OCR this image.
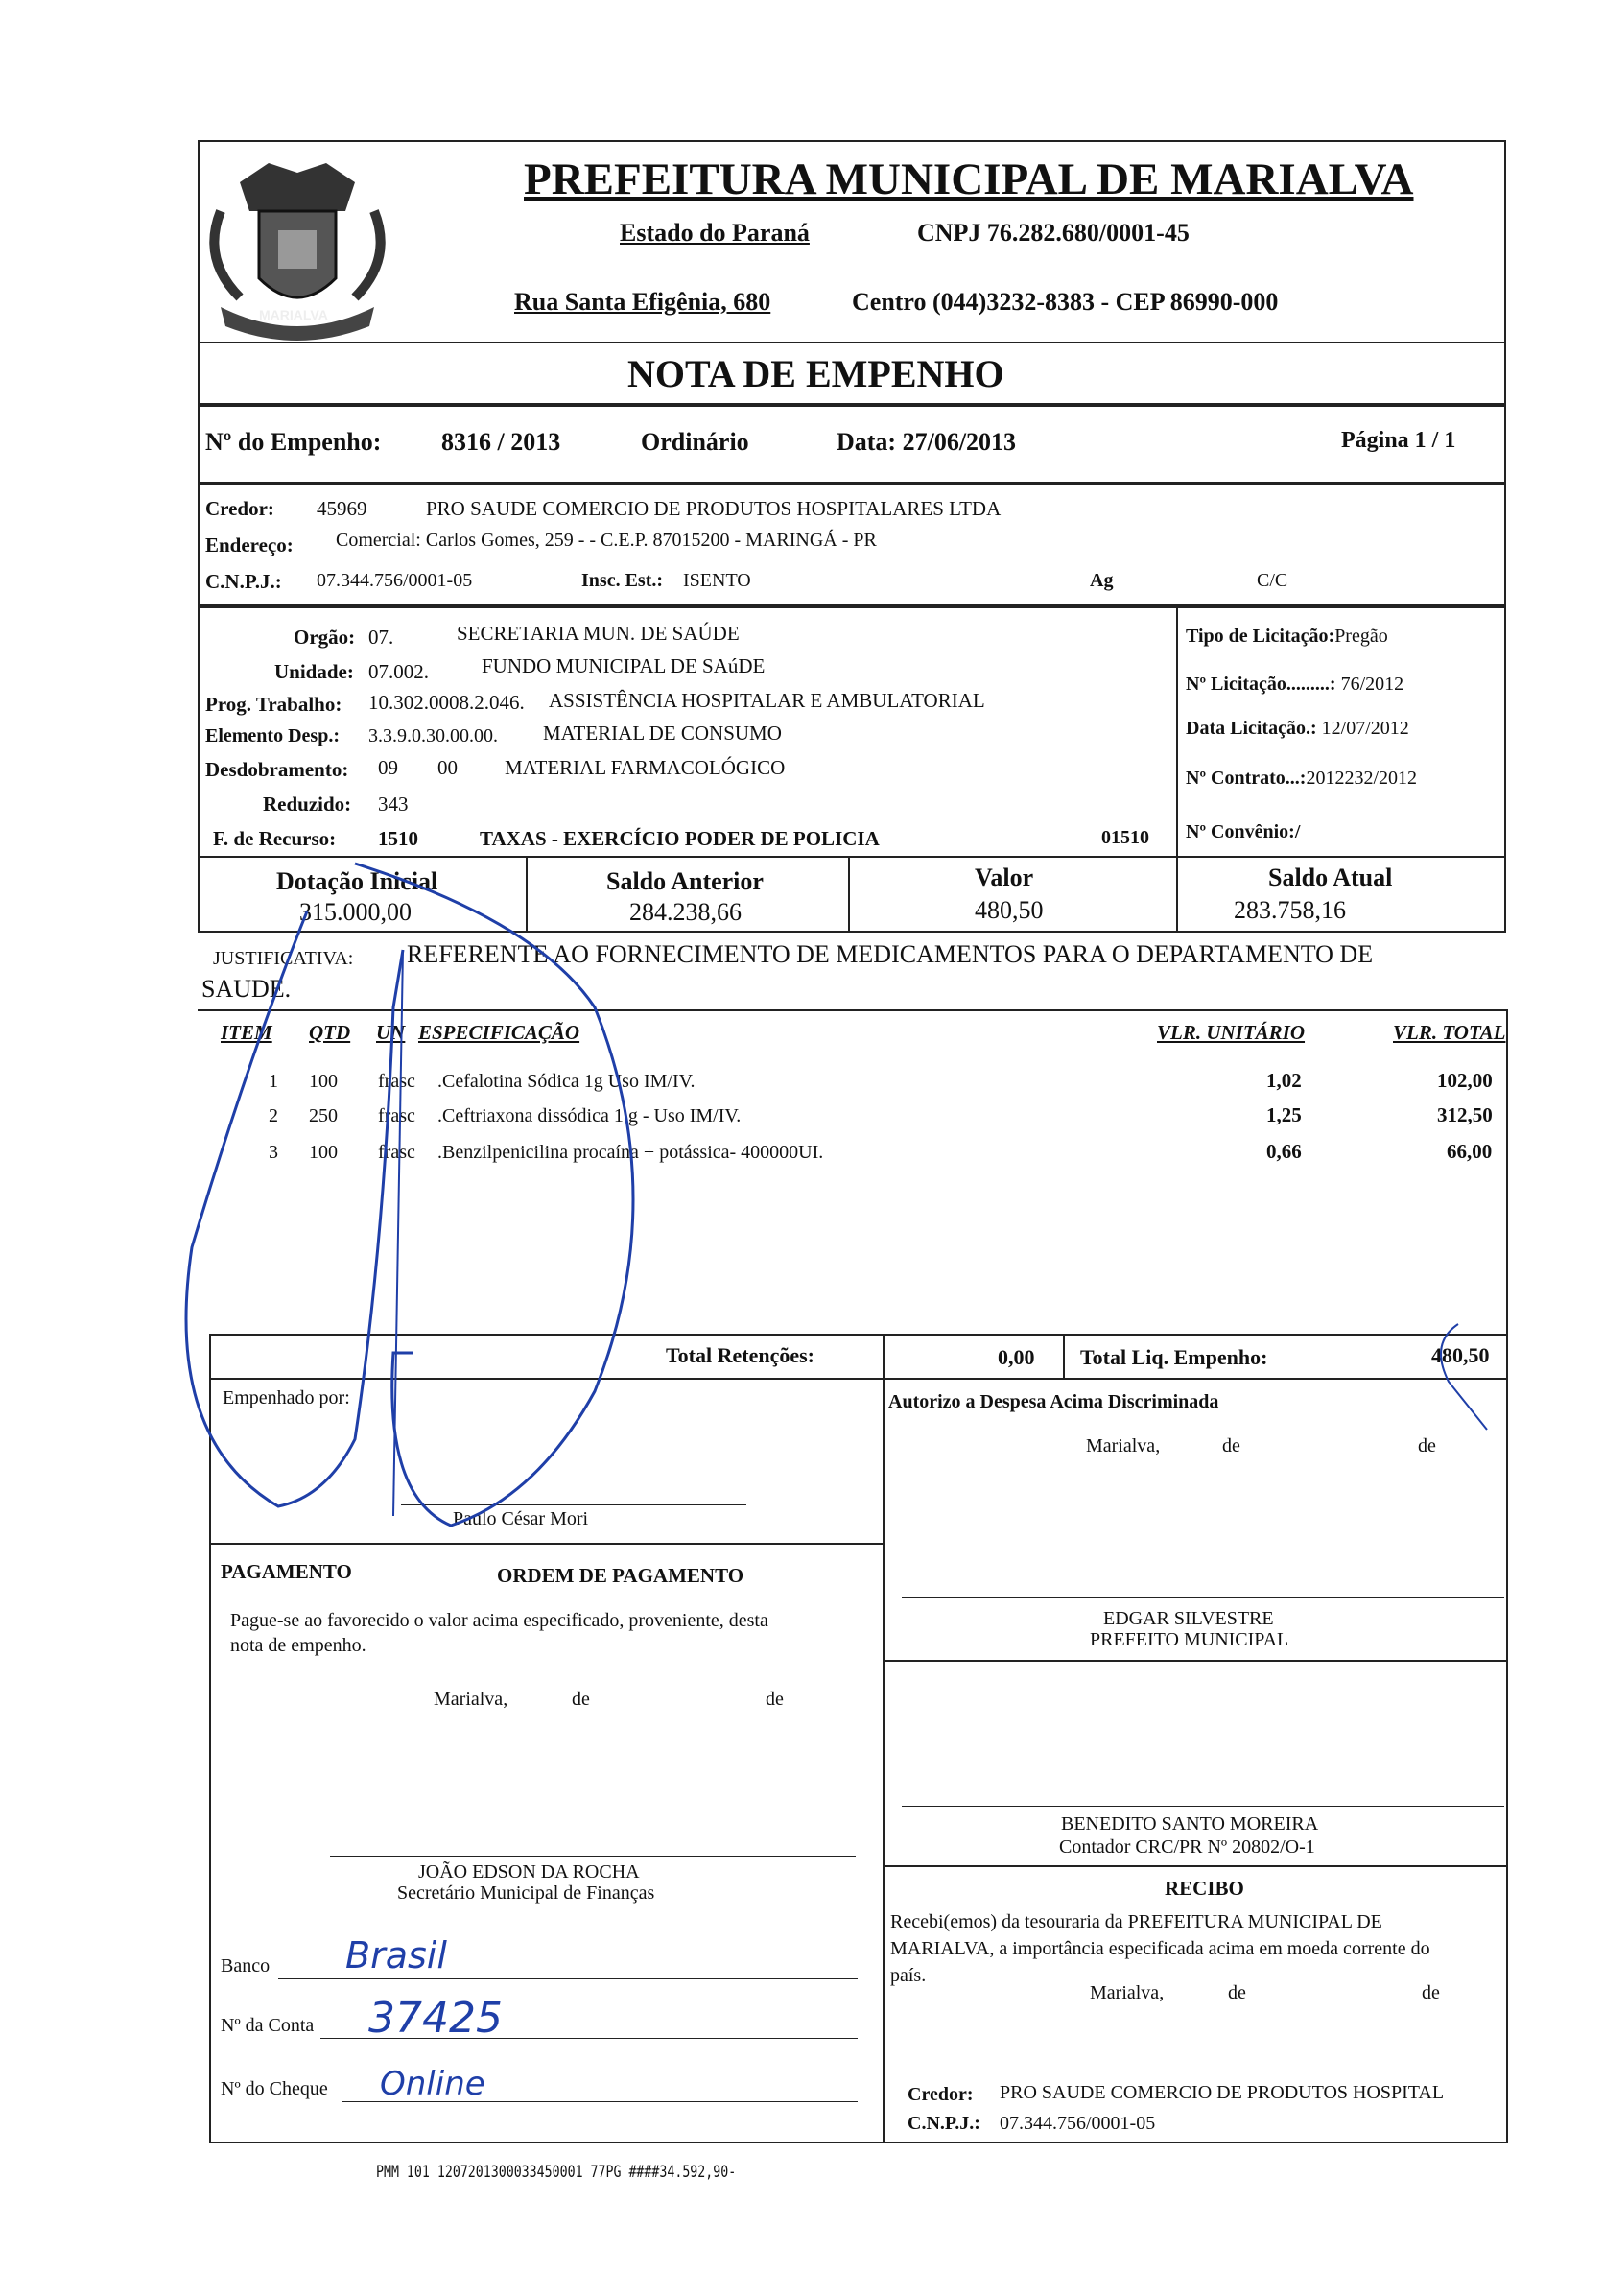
MARIALVA
PREFEITURA MUNICIPAL DE MARIALVA
Estado do Paraná	CNPJ 76.282.680/0001-45
Rua Santa Efigênia, 680	Centro (044)3232-8383 - CEP 86990-000
NOTA DE EMPENHO
Nº do Empenho: 8316 / 2013	Ordinário	Data: 27/06/2013	Página 1 / 1
Credor: 45969	PRO SAUDE COMERCIO DE PRODUTOS HOSPITALARES LTDA
Endereço: Comercial: Carlos Gomes, 259 - - C.E.P. 87015200 - MARINGÁ - PR
C.N.P.J.: 07.344.756/0001-05	Insc. Est.: ISENTO	Ag	C/C
Orgão: 07.	SECRETARIA MUN. DE SAÚDE
Unidade: 07.002.	FUNDO MUNICIPAL DE SAúDE
Prog. Trabalho: 10.302.0008.2.046. ASSISTÊNCIA HOSPITALAR E AMBULATORIAL
Elemento Desp.: 3.3.9.0.30.00.00. MATERIAL DE CONSUMO
Desdobramento: 09 00 MATERIAL FARMACOLÓGICO
Reduzido: 343
F. de Recurso: 1510	TAXAS - EXERCÍCIO PODER DE POLICIA	01510
Tipo de Licitação:Pregão
Nº Licitação.........: 76/2012
Data Licitação.: 12/07/2012
Nº Contrato...:2012232/2012
Nº Convênio:/
Dotação Inicial
315.000,00
Saldo Anterior
284.238,66
Valor
480,50
Saldo Atual
283.758,16
JUSTIFICATIVA: REFERENTE AO FORNECIMENTO DE MEDICAMENTOS PARA O DEPARTAMENTO DE
SAUDE.
ITEM QTD UN ESPECIFICAÇÃO	VLR. UNITÁRIO	VLR. TOTAL
1 100 frasc .Cefalotina Sódica 1g Uso IM/IV.	1,02	102,00
2 250 frasc .Ceftriaxona dissódica 1 g - Uso IM/IV.	1,25	312,50
3 100 frasc .Benzilpenicilina procaína + potássica- 400000UI.	0,66	66,00
Total Retenções:	0,00 Total Liq. Empenho:	480,50
Empenhado por:
Paulo César Mori
Autorizo a Despesa Acima Discriminada
Marialva,	de	de
PAGAMENTO	ORDEM DE PAGAMENTO
Pague-se ao favorecido o valor acima especificado, proveniente, desta
nota de empenho.
Marialva,	de	de
EDGAR SILVESTRE
PREFEITO MUNICIPAL
BENEDITO SANTO MOREIRA
Contador CRC/PR Nº 20802/O-1
JOÃO EDSON DA ROCHA
Secretário Municipal de Finanças	RECIBO
Recebi(emos) da tesouraria da PREFEITURA MUNICIPAL DE
MARIALVA, a importância especificada acima em moeda corrente do
país.
Marialva,	de	de
Credor: PRO SAUDE COMERCIO DE PRODUTOS HOSPITAL
C.N.P.J.: 07.344.756/0001-05
Banco
Nº da Conta
Nº do Cheque
Brasil
37425
Online
PMM 101 1207201300033450001 77PG ####34.592,90-
